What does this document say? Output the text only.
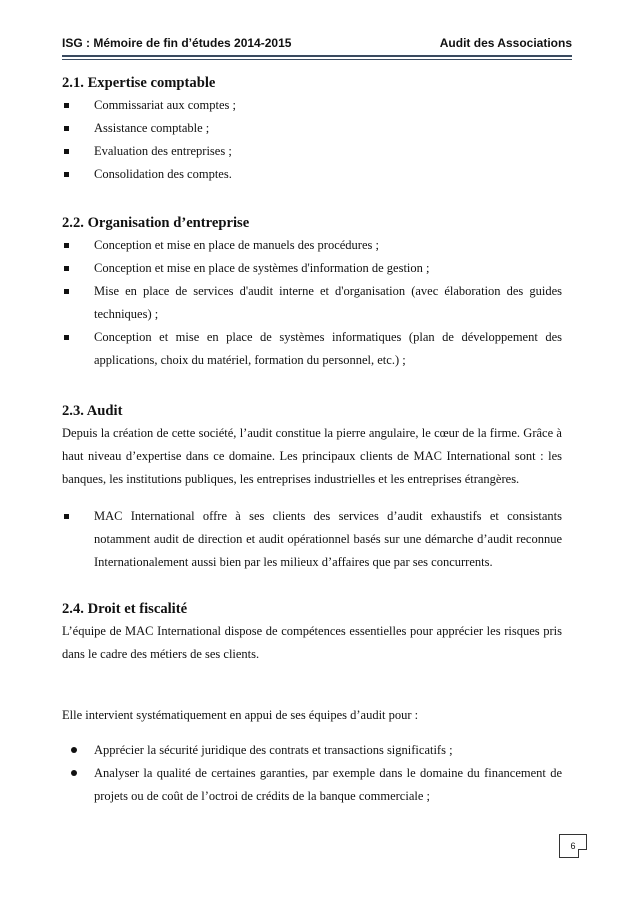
ISG : Mémoire de fin d’études 2014-2015	Audit des Associations
2.1. Expertise comptable
Commissariat aux comptes ;
Assistance comptable ;
Evaluation des entreprises ;
Consolidation des comptes.
2.2. Organisation d’entreprise
Conception et mise en place de manuels des procédures ;
Conception et mise en place de systèmes d'information de gestion ;
Mise en place de services d'audit interne et d'organisation (avec élaboration des guides techniques) ;
Conception et mise en place de systèmes informatiques (plan de développement des applications, choix du matériel, formation du personnel, etc.) ;
2.3. Audit

Depuis la création de cette société, l’audit constitue la pierre angulaire, le cœur de la firme. Grâce à haut niveau d’expertise dans ce domaine. Les principaux clients de MAC International sont : les banques, les institutions publiques, les entreprises industrielles et les entreprises étrangères.

MAC International offre à ses clients des services d’audit exhaustifs et consistants notamment audit de direction et audit opérationnel basés sur une démarche d’audit reconnue Internationalement aussi bien par les milieux d’affaires que par ses concurrents.
2.4. Droit et fiscalité

L’équipe de MAC International dispose de compétences essentielles pour apprécier les risques pris dans le cadre des métiers de ses clients.

Elle intervient systématiquement en appui de ses équipes d’audit pour :

Apprécier la sécurité juridique des contrats et transactions significatifs ;
Analyser la qualité de certaines garanties, par exemple dans le domaine du financement de projets ou de coût de l’octroi de crédits de la banque commerciale ;
6
